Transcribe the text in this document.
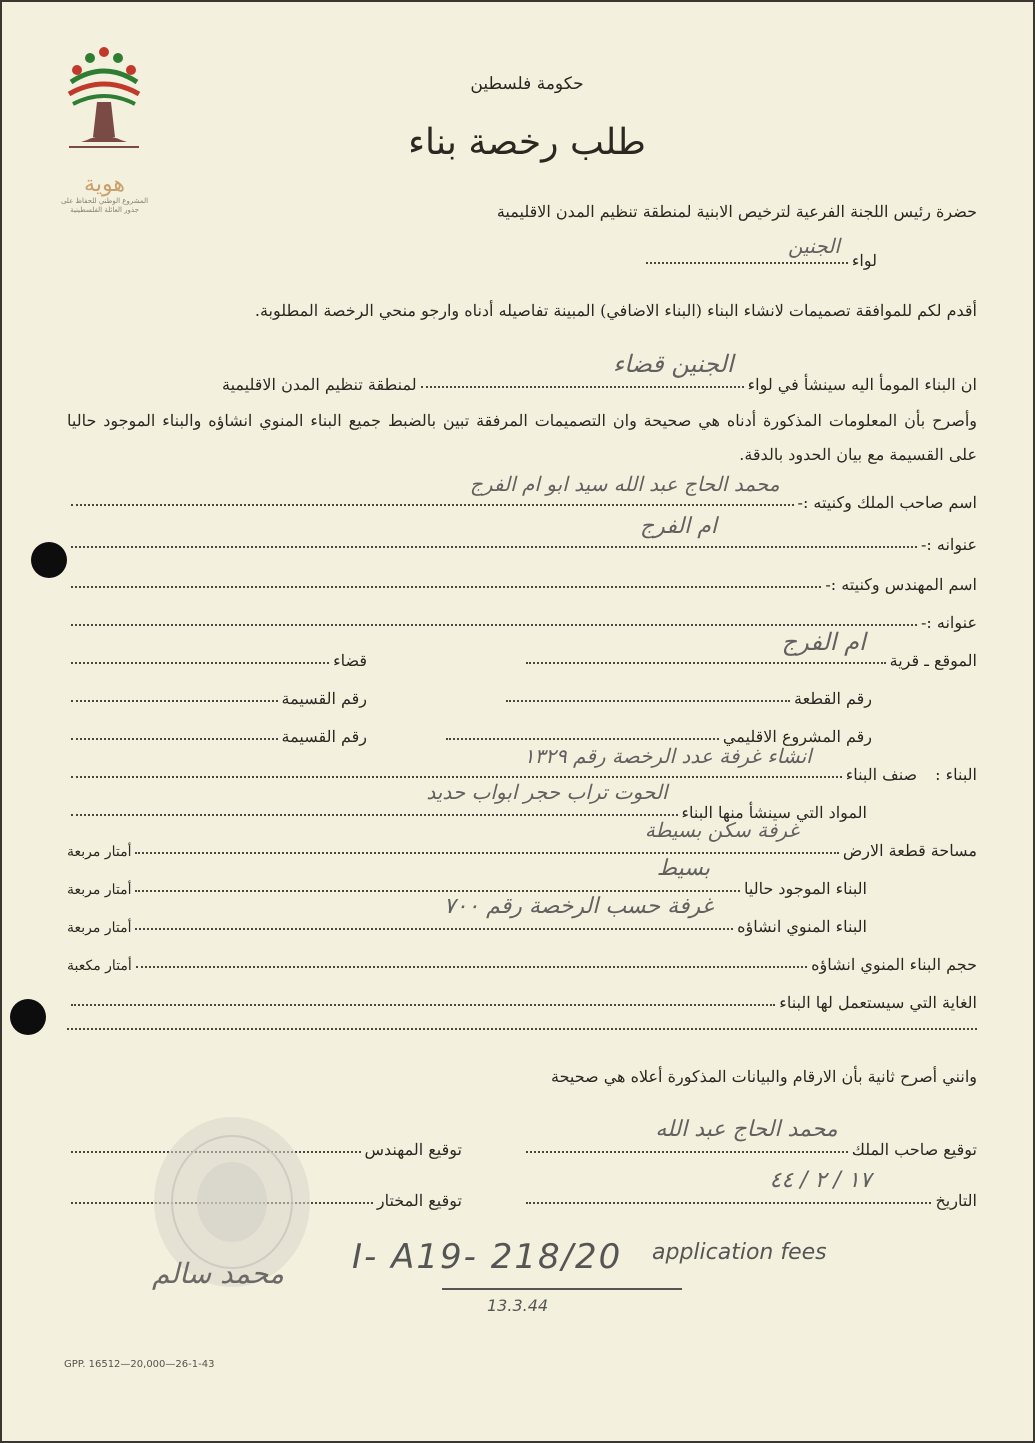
هوية
المشروع الوطني للحفاظ على جذور العائلة الفلسطينية
حكومة فلسطين
طلب رخصة بناء
حضرة رئيس اللجنة الفرعية لترخيص الابنية لمنطقة تنظيم المدن الاقليمية
لواء
الجنين
أقدم لكم للموافقة تصميمات لانشاء البناء (البناء الاضافي) المبينة تفاصيله أدناه وارجو منحي الرخصة المطلوبة.
ان البناء المومأ اليه سينشأ في لواء
الجنين قضاء
لمنطقة تنظيم المدن الاقليمية
وأصرح بأن المعلومات المذكورة أدناه هي صحيحة وان التصميمات المرفقة تبين بالضبط جميع البناء المنوي انشاؤه والبناء الموجود حاليا على القسيمة مع بيان الحدود بالدقة.
اسم صاحب الملك وكنيته :-
محمد الحاج عبد الله سيد ابو ام الفرج
عنوانه :-
ام الفرج
اسم المهندس وكنيته :-
عنوانه :-
الموقع ـ قرية
ام الفرج
قضاء
رقم القطعة
رقم القسيمة
رقم المشروع الاقليمي
رقم القسيمة
البناء :
صنف البناء
انشاء غرفة عدد الرخصة رقم ١٣٢٩
المواد التي سينشأ منها البناء
الحوت تراب حجر ابواب حديد
مساحة قطعة الارض
غرفة سكن بسيطة
أمتار مربعة
البناء الموجود حاليا
بسيط
أمتار مربعة
البناء المنوي انشاؤه
غرفة حسب الرخصة رقم ٧٠٠
أمتار مربعة
حجم البناء المنوي انشاؤه
أمتار مكعبة
الغاية التي سيستعمل لها البناء
وانني أصرح ثانية بأن الارقام والبيانات المذكورة أعلاه هي صحيحة
توقيع صاحب الملك
محمد الحاج عبد الله
توقيع المهندس
التاريخ
١٧ / ٢ / ٤٤
توقيع المختار
I- A19- 218/20 application fees
13.3.44
محمد سالم
GPP. 16512—20,000—26-1-43
